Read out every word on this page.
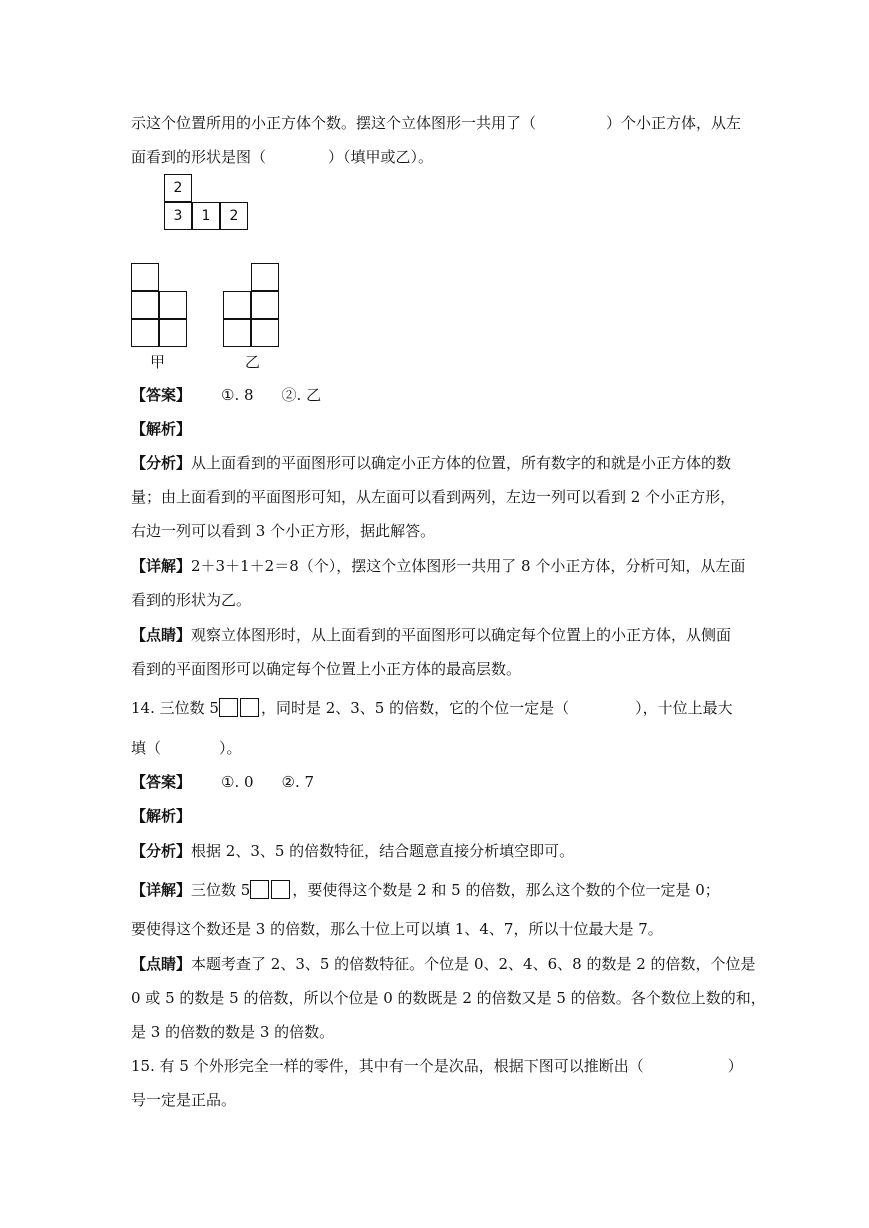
示这个位置所用的小正方体个数。摆这个立体图形一共用了（	）个小正方体，从左
面看到的形状是图（	）（填甲或乙）。
2
3	1	2
甲	乙
【答案】 ①. 8 ②. 乙
【解析】
【分析】从上面看到的平面图形可以确定小正方体的位置，所有数字的和就是小正方体的数
量；由上面看到的平面图形可知，从左面可以看到两列，左边一列可以看到 2 个小正方形，
右边一列可以看到 3 个小正方形，据此解答。
【详解】2＋3＋1＋2＝8（个），摆这个立体图形一共用了 8 个小正方体，分析可知，从左面
看到的形状为乙。
【点睛】观察立体图形时，从上面看到的平面图形可以确定每个位置上的小正方体，从侧面
看到的平面图形可以确定每个位置上小正方体的最高层数。
14. 三位数 5	，同时是 2、3、5 的倍数，它的个位一定是（	），十位上最大
填（	）。
【答案】 ①. 0 ②. 7
【解析】
【分析】根据 2、3、5 的倍数特征，结合题意直接分析填空即可。
【详解】三位数 5	，要使得这个数是 2 和 5 的倍数，那么这个数的个位一定是 0；
要使得这个数还是 3 的倍数，那么十位上可以填 1、4、7，所以十位最大是 7。
【点睛】本题考查了 2、3、5 的倍数特征。个位是 0、2、4、6、8 的数是 2 的倍数，个位是
0 或 5 的数是 5 的倍数，所以个位是 0 的数既是 2 的倍数又是 5 的倍数。各个数位上数的和，
是 3 的倍数的数是 3 的倍数。
15. 有 5 个外形完全一样的零件，其中有一个是次品，根据下图可以推断出（	）
号一定是正品。
